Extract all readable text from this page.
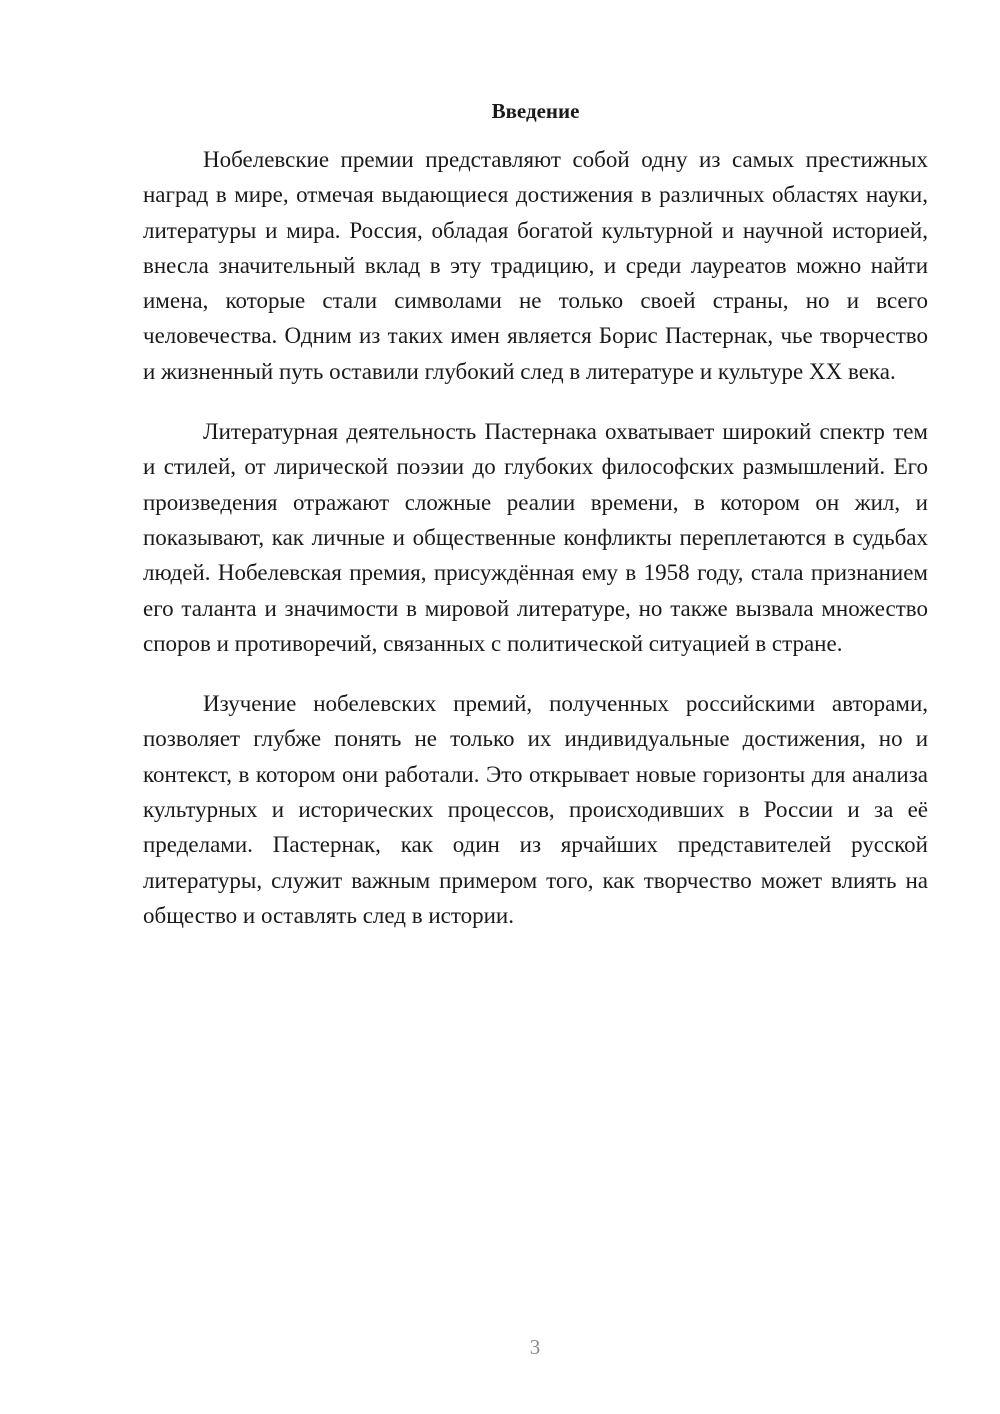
Введение

Нобелевские премии представляют собой одну из самых престижных наград в мире, отмечая выдающиеся достижения в различных областях науки, литературы и мира. Россия, обладая богатой культурной и научной историей, внесла значительный вклад в эту традицию, и среди лауреатов можно найти имена, которые стали символами не только своей страны, но и всего человечества. Одним из таких имен является Борис Пастернак, чье творчество и жизненный путь оставили глубокий след в литературе и культуре XX века.

Литературная деятельность Пастернака охватывает широкий спектр тем и стилей, от лирической поэзии до глубоких философских размышлений. Его произведения отражают сложные реалии времени, в котором он жил, и показывают, как личные и общественные конфликты переплетаются в судьбах людей. Нобелевская премия, присуждённая ему в 1958 году, стала признанием его таланта и значимости в мировой литературе, но также вызвала множество споров и противоречий, связанных с политической ситуацией в стране.

Изучение нобелевских премий, полученных российскими авторами, позволяет глубже понять не только их индивидуальные достижения, но и контекст, в котором они работали. Это открывает новые горизонты для анализа культурных и исторических процессов, происходивших в России и за её пределами. Пастернак, как один из ярчайших представителей русской литературы, служит важным примером того, как творчество может влиять на общество и оставлять след в истории.

3
